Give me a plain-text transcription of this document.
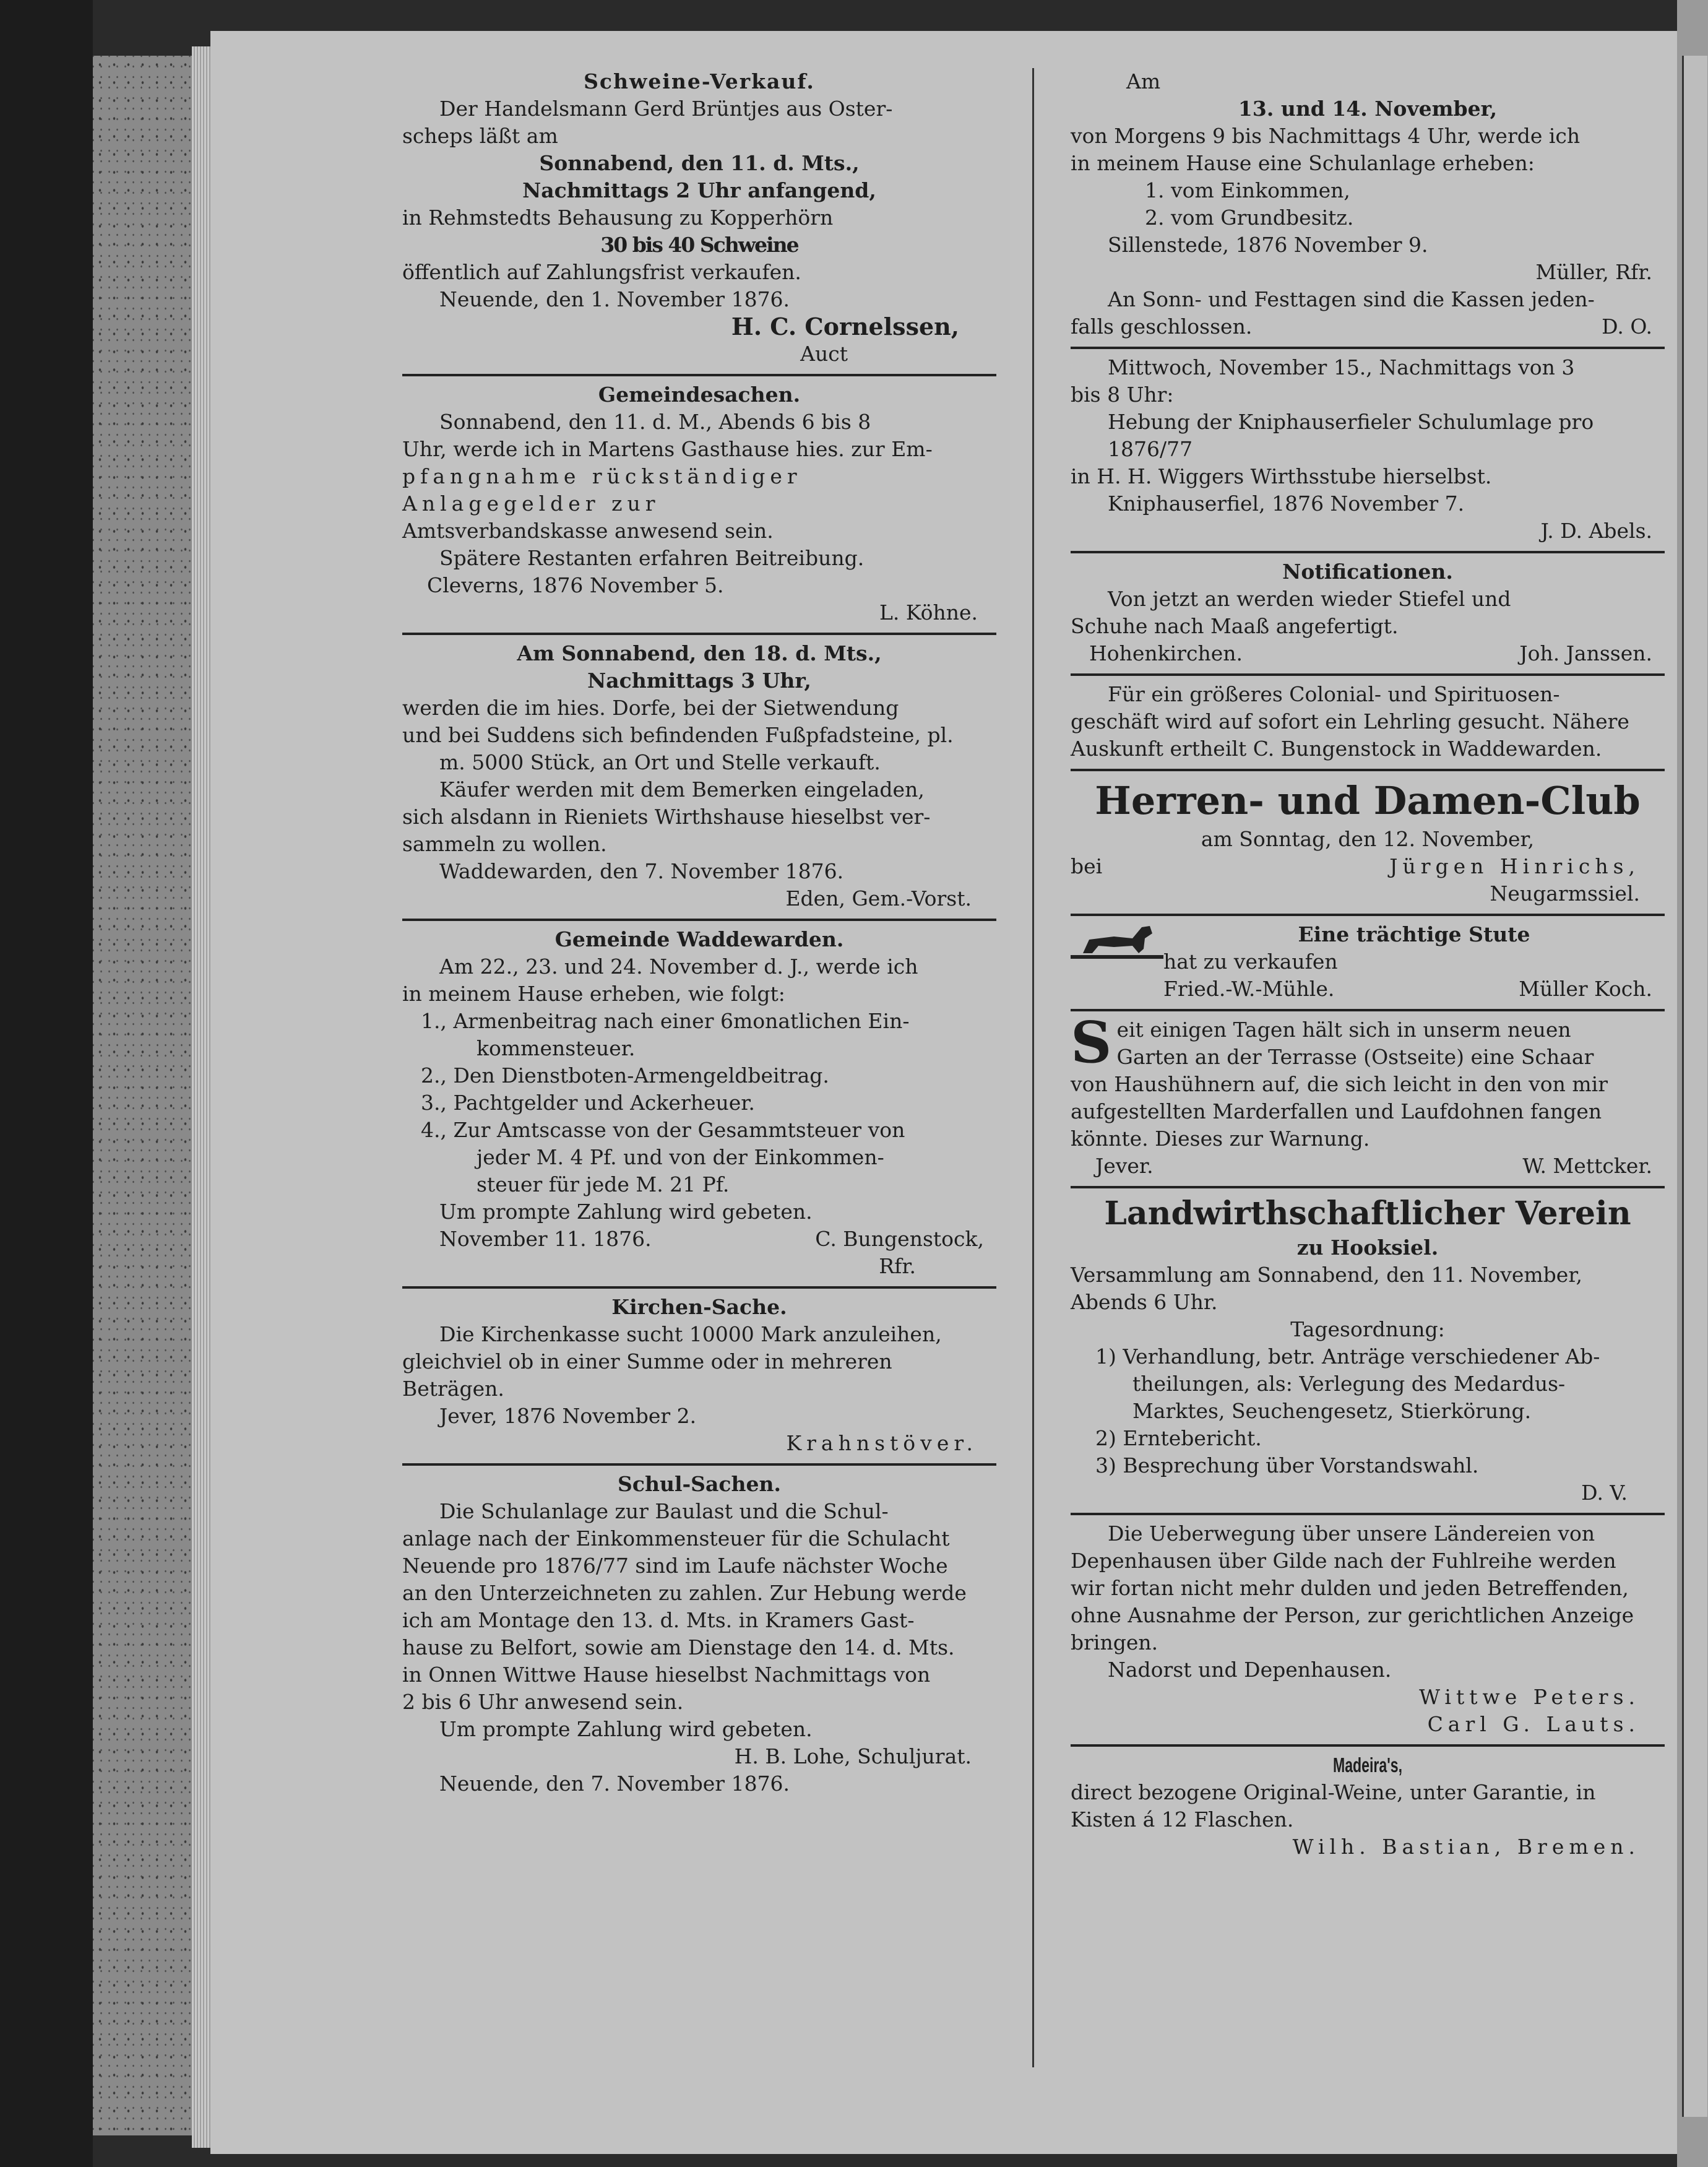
Schweine-Verkauf.

Der Handelsmann Gerd Brüntjes aus Oster-

scheps läßt am

Sonnabend, den 11. d. Mts.,

Nachmittags 2 Uhr anfangend,

in Rehmstedts Behausung zu Kopperhörn

30 bis 40 Schweine

öffentlich auf Zahlungsfrist verkaufen.

Neuende, den 1. November 1876.

H. C. Cornelssen,

Auct

Gemeindesachen.

Sonnabend, den 11. d. M., Abends 6 bis 8

Uhr, werde ich in Martens Gasthause hies. zur Em-

pfangnahme rückständiger Anlagegelder zur

Amtsverbandskasse anwesend sein.

Spätere Restanten erfahren Beitreibung.

Cleverns, 1876 November 5.

L. Köhne.

Am Sonnabend, den 18. d. Mts.,

Nachmittags 3 Uhr,

werden die im hies. Dorfe, bei der Sietwendung

und bei Suddens sich befindenden Fußpfadsteine, pl.

m. 5000 Stück, an Ort und Stelle verkauft.

Käufer werden mit dem Bemerken eingeladen,

sich alsdann in Rieniets Wirthshause hieselbst ver-

sammeln zu wollen.

Waddewarden, den 7. November 1876.

Eden, Gem.-Vorst.

Gemeinde Waddewarden.

Am 22., 23. und 24. November d. J., werde ich

in meinem Hause erheben, wie folgt:

1., Armenbeitrag nach einer 6monatlichen Ein-

kommensteuer.

2., Den Dienstboten-Armengeldbeitrag.

3., Pachtgelder und Ackerheuer.

4., Zur Amtscasse von der Gesammtsteuer von

jeder M. 4 Pf. und von der Einkommen-

steuer für jede M. 21 Pf.

Um prompte Zahlung wird gebeten.

November 11. 1876.	C. Bungenstock,

Rfr.

Kirchen-Sache.

Die Kirchenkasse sucht 10000 Mark anzuleihen,

gleichviel ob in einer Summe oder in mehreren

Beträgen.

Jever, 1876 November 2.

Krahnstöver.

Schul-Sachen.

Die Schulanlage zur Baulast und die Schul-

anlage nach der Einkommensteuer für die Schulacht

Neuende pro 1876/77 sind im Laufe nächster Woche

an den Unterzeichneten zu zahlen. Zur Hebung werde

ich am Montage den 13. d. Mts. in Kramers Gast-

hause zu Belfort, sowie am Dienstage den 14. d. Mts.

in Onnen Wittwe Hause hieselbst Nachmittags von

2 bis 6 Uhr anwesend sein.

Um prompte Zahlung wird gebeten.

H. B. Lohe, Schuljurat.

Neuende, den 7. November 1876.

Am

13. und 14. November,

von Morgens 9 bis Nachmittags 4 Uhr, werde ich

in meinem Hause eine Schulanlage erheben:

1. vom Einkommen,

2. vom Grundbesitz.

Sillenstede, 1876 November 9.

Müller, Rfr.

An Sonn- und Festtagen sind die Kassen jeden-

falls geschlossen.	D. O.

Mittwoch, November 15., Nachmittags von 3

bis 8 Uhr:

Hebung der Kniphauserfieler Schulumlage pro

1876/77

in H. H. Wiggers Wirthsstube hierselbst.

Kniphauserfiel, 1876 November 7.

J. D. Abels.

Notificationen.

Von jetzt an werden wieder Stiefel und

Schuhe nach Maaß angefertigt.

Hohenkirchen.	Joh. Janssen.

Für ein größeres Colonial- und Spirituosen-

geschäft wird auf sofort ein Lehrling gesucht. Nähere

Auskunft ertheilt C. Bungenstock in Waddewarden.

Herren- und Damen-Club

am Sonntag, den 12. November,

bei	Jürgen Hinrichs,

Neugarmssiel.

Eine trächtige Stute

hat zu verkaufen

Fried.-W.-Mühle.	Müller Koch.

S eit einigen Tagen hält sich in unserm neuen

Garten an der Terrasse (Ostseite) eine Schaar

von Haushühnern auf, die sich leicht in den von mir

aufgestellten Marderfallen und Laufdohnen fangen

könnte. Dieses zur Warnung.

Jever.	W. Mettcker.

Landwirthschaftlicher Verein

zu Hooksiel.

Versammlung am Sonnabend, den 11. November,

Abends 6 Uhr.

Tagesordnung:

1) Verhandlung, betr. Anträge verschiedener Ab-

theilungen, als: Verlegung des Medardus-

Marktes, Seuchengesetz, Stierkörung.

2) Erntebericht.

3) Besprechung über Vorstandswahl.

D. V.

Die Ueberwegung über unsere Ländereien von

Depenhausen über Gilde nach der Fuhlreihe werden

wir fortan nicht mehr dulden und jeden Betreffenden,

ohne Ausnahme der Person, zur gerichtlichen Anzeige

bringen.

Nadorst und Depenhausen.

Wittwe Peters.

Carl G. Lauts.

Madeira's,

direct bezogene Original-Weine, unter Garantie, in

Kisten á 12 Flaschen.

Wilh. Bastian, Bremen.
